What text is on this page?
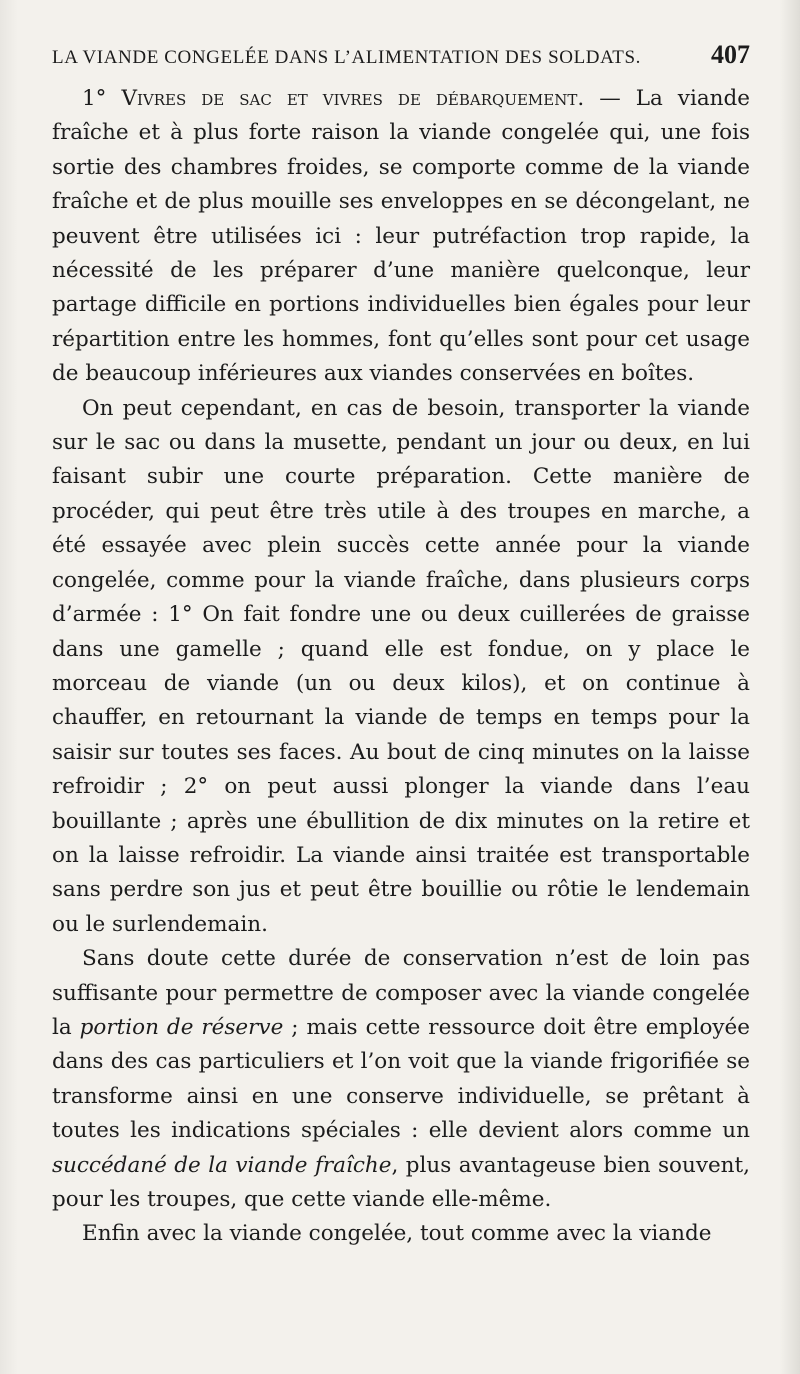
LA VIANDE CONGELÉE DANS L’ALIMENTATION DES SOLDATS.	407

1° Vivres de sac et vivres de débarquement. — La viande fraîche et à plus forte raison la viande congelée qui, une fois sortie des chambres froides, se comporte comme de la viande fraîche et de plus mouille ses enveloppes en se décongelant, ne peuvent être utilisées ici : leur putréfaction trop rapide, la nécessité de les préparer d’une manière quelconque, leur partage difficile en portions individuelles bien égales pour leur répartition entre les hommes, font qu’elles sont pour cet usage de beaucoup inférieures aux viandes conservées en boîtes.

On peut cependant, en cas de besoin, transporter la viande sur le sac ou dans la musette, pendant un jour ou deux, en lui faisant subir une courte préparation. Cette manière de procéder, qui peut être très utile à des troupes en marche, a été essayée avec plein succès cette année pour la viande congelée, comme pour la viande fraîche, dans plusieurs corps d’armée : 1° On fait fondre une ou deux cuillerées de graisse dans une gamelle ; quand elle est fondue, on y place le morceau de viande (un ou deux kilos), et on continue à chauffer, en retournant la viande de temps en temps pour la saisir sur toutes ses faces. Au bout de cinq minutes on la laisse refroidir ; 2° on peut aussi plonger la viande dans l’eau bouillante ; après une ébullition de dix minutes on la retire et on la laisse refroidir. La viande ainsi traitée est transportable sans perdre son jus et peut être bouillie ou rôtie le lendemain ou le surlendemain.

Sans doute cette durée de conservation n’est de loin pas suffisante pour permettre de composer avec la viande congelée la portion de réserve ; mais cette ressource doit être employée dans des cas particuliers et l’on voit que la viande frigorifiée se transforme ainsi en une conserve individuelle, se prêtant à toutes les indications spéciales : elle devient alors comme un succédané de la viande fraîche, plus avantageuse bien souvent, pour les troupes, que cette viande elle-même.

Enfin avec la viande congelée, tout comme avec la viande
